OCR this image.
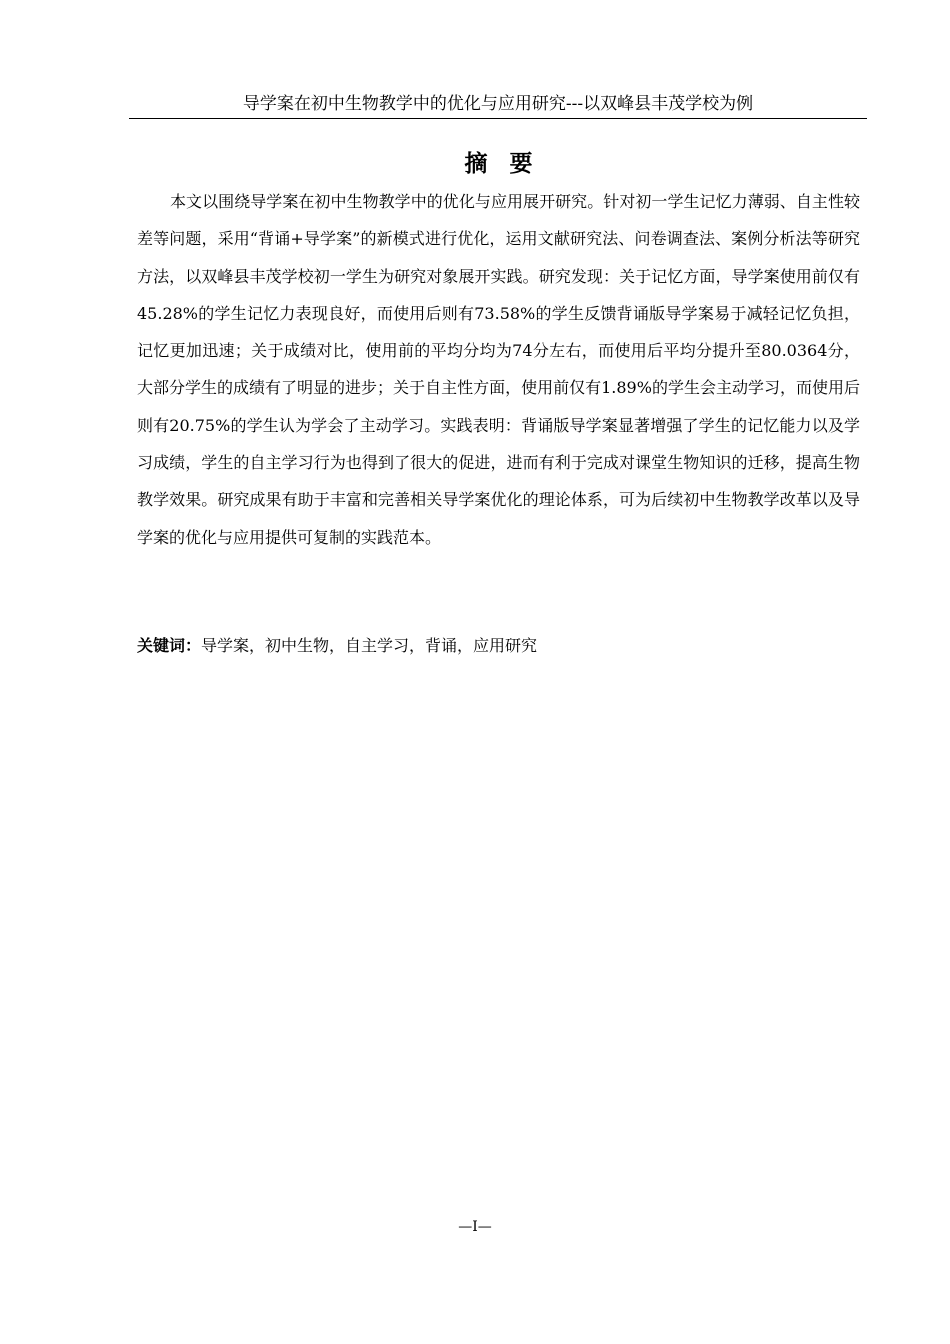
导学案在初中生物教学中的优化与应用研究---以双峰县丰茂学校为例
摘要

本文以围绕导学案在初中生物教学中的优化与应用展开研究。针对初一学生记忆力薄弱、自主性较差等问题，采用“背诵+导学案”的新模式进行优化，运用文献研究法、问卷调查法、案例分析法等研究方法，以双峰县丰茂学校初一学生为研究对象展开实践。研究发现：关于记忆方面，导学案使用前仅有45.28%的学生记忆力表现良好，而使用后则有73.58%的学生反馈背诵版导学案易于减轻记忆负担，记忆更加迅速；关于成绩对比，使用前的平均分均为74分左右，而使用后平均分提升至80.0364分，大部分学生的成绩有了明显的进步；关于自主性方面，使用前仅有1.89%的学生会主动学习，而使用后则有20.75%的学生认为学会了主动学习。实践表明：背诵版导学案显著增强了学生的记忆能力以及学习成绩，学生的自主学习行为也得到了很大的促进，进而有利于完成对课堂生物知识的迁移，提高生物教学效果。研究成果有助于丰富和完善相关导学案优化的理论体系，可为后续初中生物教学改革以及导学案的优化与应用提供可复制的实践范本。

关键词：导学案，初中生物，自主学习，背诵，应用研究
—I—
